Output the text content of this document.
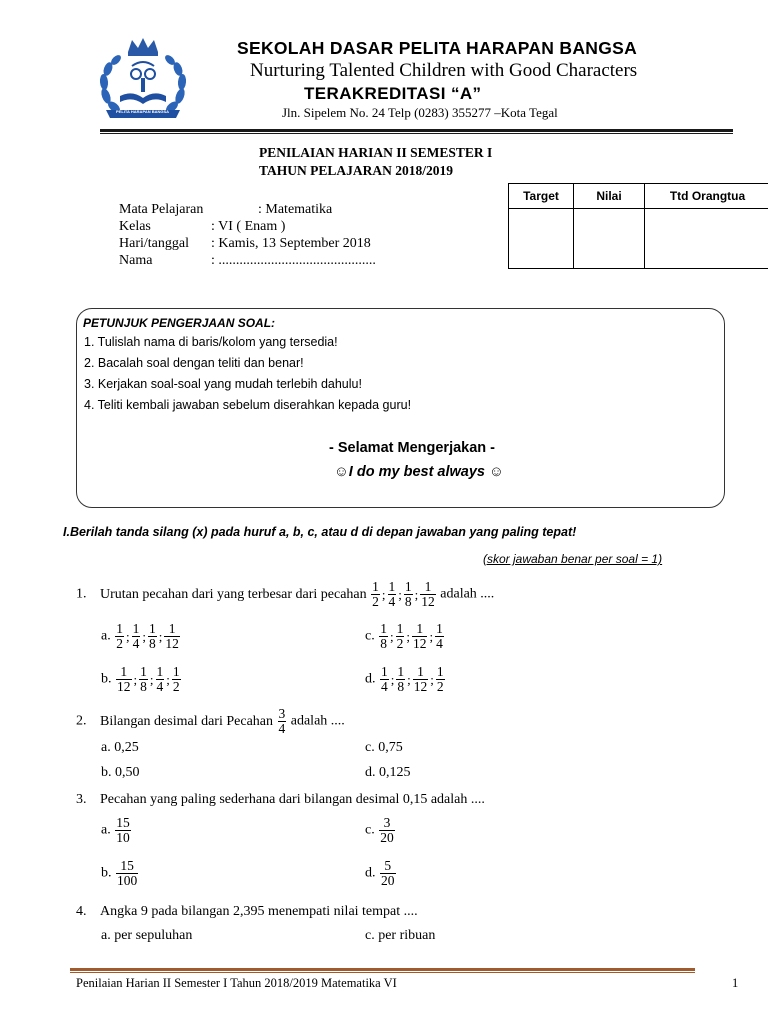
PELITA HARAPAN BANGSA
SEKOLAH DASAR PELITA HARAPAN BANGSA
Nurturing Talented Children with Good Characters
TERAKREDITASI “A”
Jln. Sipelem No. 24 Telp (0283) 355277 –Kota Tegal
PENILAIAN HARIAN II SEMESTER I
TAHUN PELAJARAN 2018/2019
Mata Pelajaran	: Matematika
Kelas	: VI ( Enam )
Hari/tanggal : Kamis, 13 September 2018
Nama	: .............................................
Target	Nilai	Ttd Orangtua

PETUNJUK PENGERJAAN SOAL:
1. Tulislah nama di baris/kolom yang tersedia!
2. Bacalah soal dengan teliti dan benar!
3. Kerjakan soal-soal yang mudah terlebih dahulu!
4. Teliti kembali jawaban sebelum diserahkan kepada guru!
- Selamat Mengerjakan -
☺I do my best always ☺
I.Berilah tanda silang (x) pada huruf a, b, c, atau d di depan jawaban yang paling tepat!
(skor jawaban benar per soal = 1)
1. Urutan pecahan dari yang terbesar dari pecahan $\frac{1}{2}$ ; $\frac{1}{4}$ ; $\frac{1}{8}$ ; $\frac{1}{12}$ adalah ....
a. $\frac{1}{2}$ ; $\frac{1}{4}$ ; $\frac{1}{8}$ ; $\frac{1}{12}$	c. $\frac{1}{8}$ ; $\frac{1}{2}$ ; $\frac{1}{12}$ ; $\frac{1}{4}$
b. $\frac{1}{12}$ ; $\frac{1}{8}$ ; $\frac{1}{4}$ ; $\frac{1}{2}$	d. $\frac{1}{4}$ ; $\frac{1}{8}$ ; $\frac{1}{12}$ ; $\frac{1}{2}$
2. Bilangan desimal dari Pecahan $\frac{3}{4}$ adalah ....
a. 0,25	c. 0,75
b. 0,50	d. 0,125
3. Pecahan yang paling sederhana dari bilangan desimal 0,15 adalah ....
a. $\frac{15}{10}$	c. $\frac{3}{20}$
b. $\frac{15}{100}$	d. $\frac{5}{20}$
4. Angka 9 pada bilangan 2,395 menempati nilai tempat ....
a. per sepuluhan	c. per ribuan
Penilaian Harian II Semester I Tahun 2018/2019 Matematika VI	1
